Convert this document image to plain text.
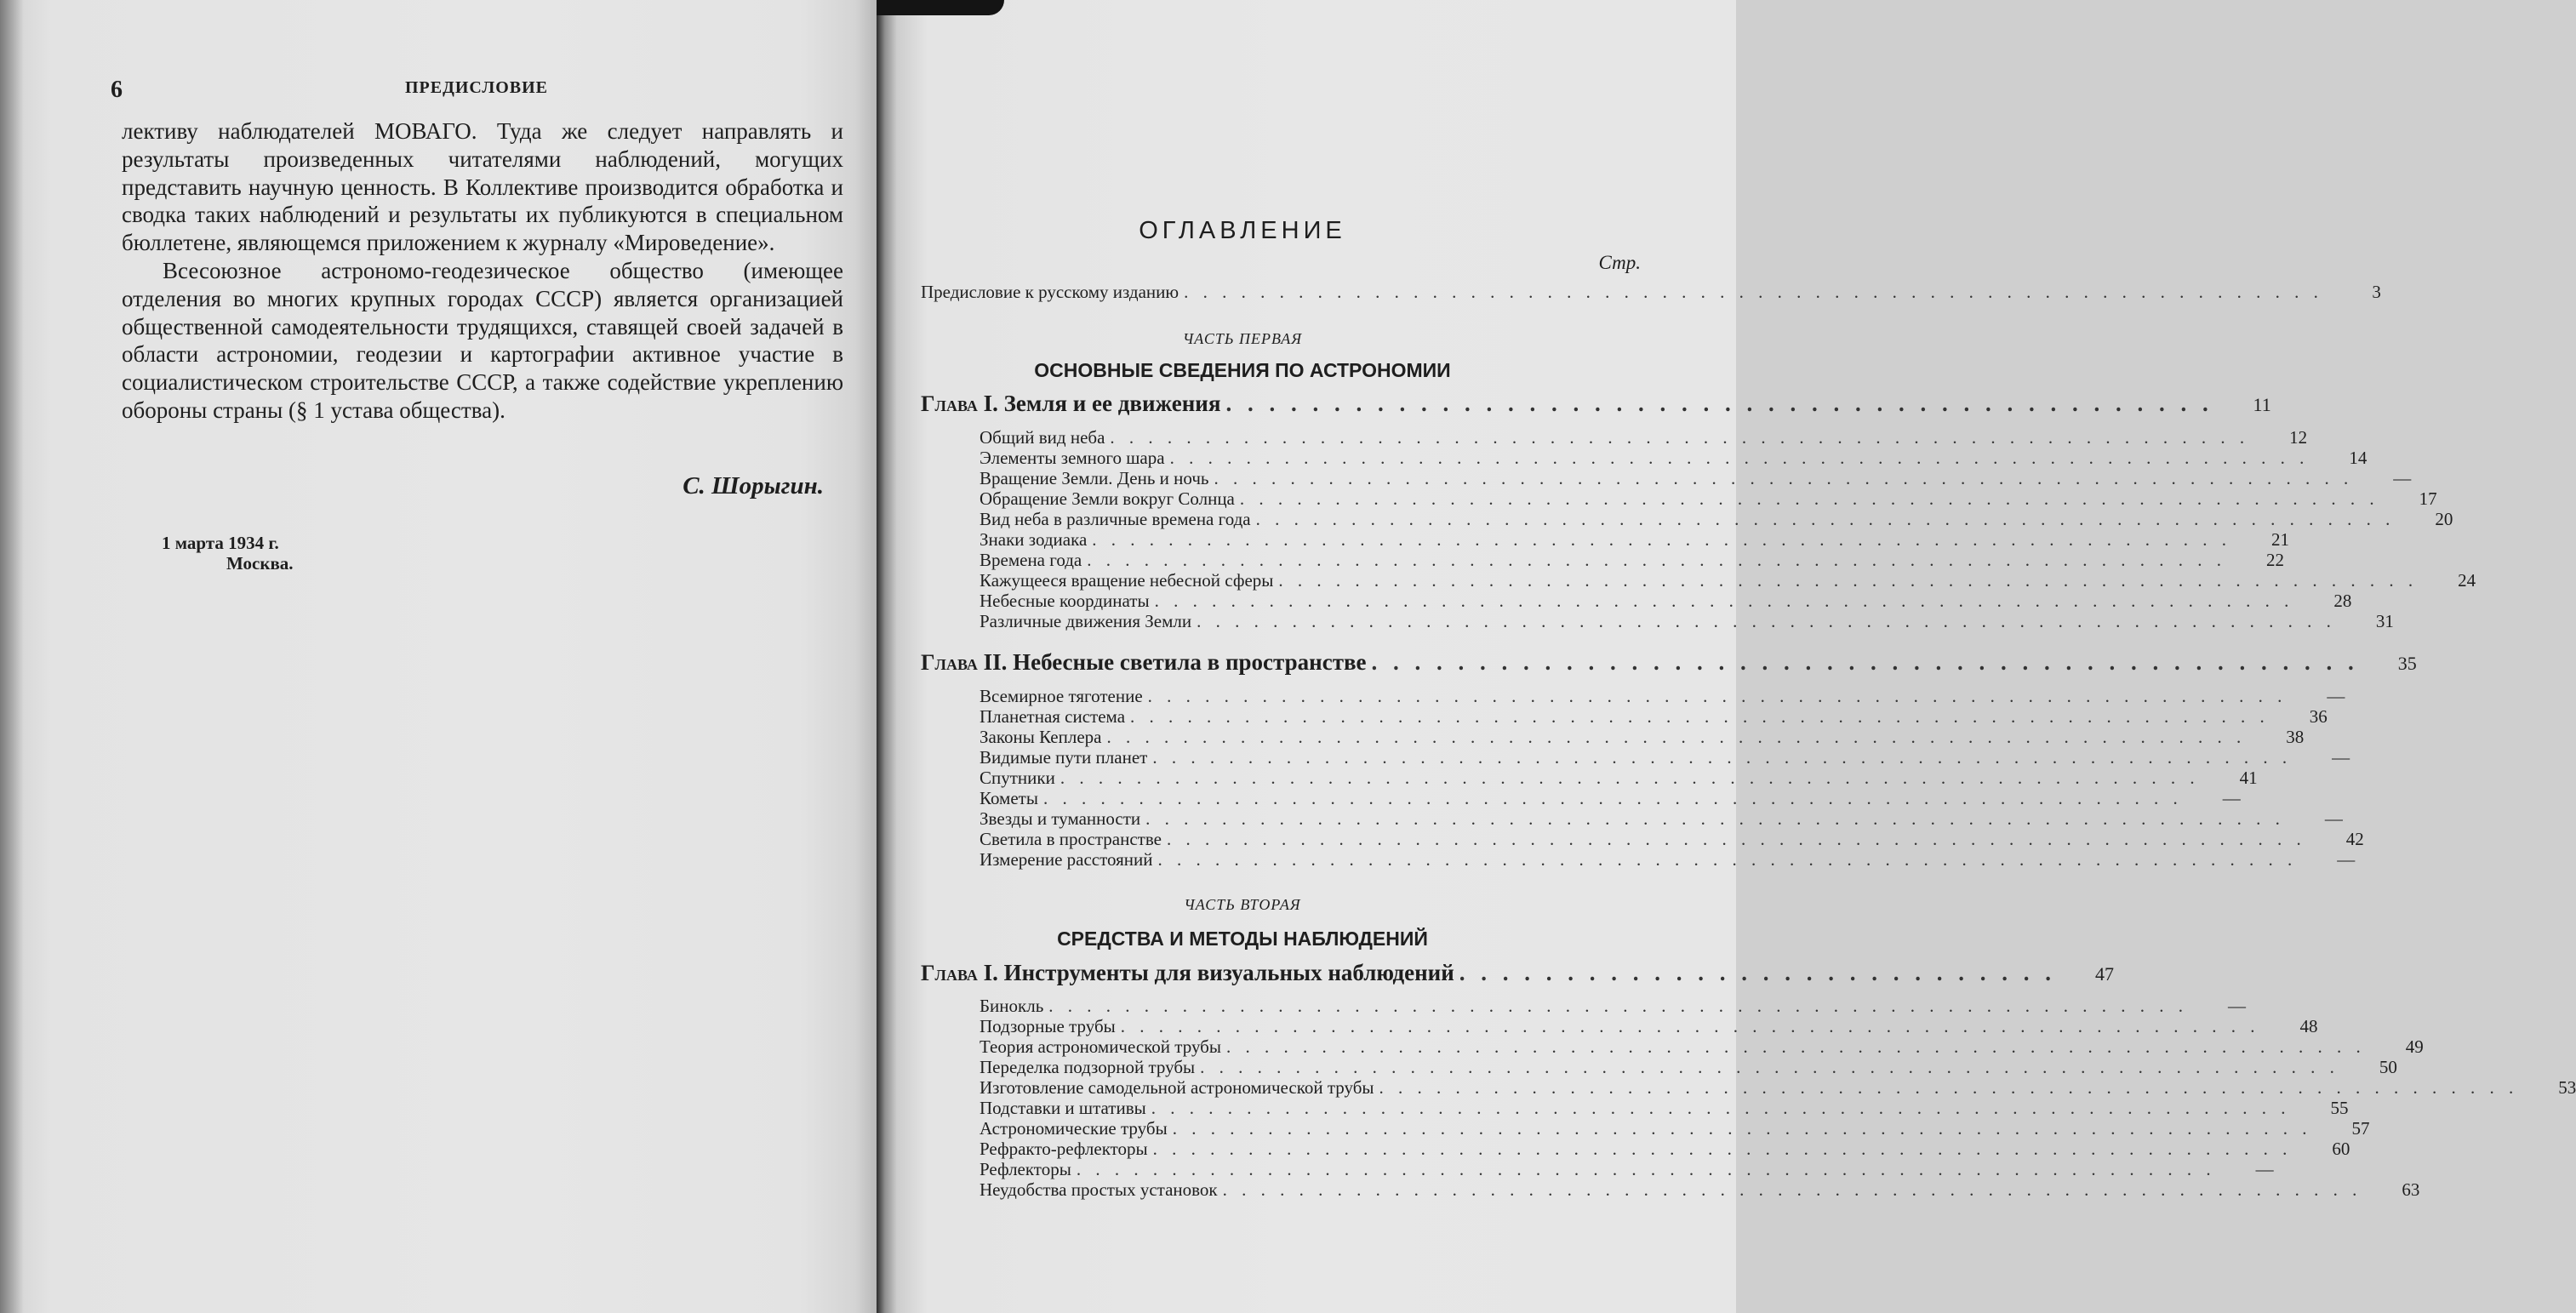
6	ПРЕДИСЛОВИЕ

лективу наблюдателей МОВАГО. Туда же следует направлять и результаты произведенных читателями наблюдений, могущих представить научную ценность. В Коллективе производится обработка и сводка таких наблюдений и результаты их публикуются в специальном бюллетене, являющемся приложением к журналу «Мироведение».

Всесоюзное астрономо-геодезическое общество (имеющее отделения во многих крупных городах СССР) является организацией общественной самодеятельности трудящихся, ставящей своей задачей в области астрономии, геодезии и картографии активное участие в социалистическом строительстве СССР, а также содействие укреплению обороны страны (§ 1 устава общества).

С. Шорыгин.
1 марта 1934 г.
Москва.
ОГЛАВЛЕНИЕ
Стр.
Предисловие к русскому изданию . . . . . . . . . . . . . . . . . . . . . . . . . . . . . . . . . . . . . . . . . . . . . . . . . . . . . . . . . . . .	3
ЧАСТЬ ПЕРВАЯ
ОСНОВНЫЕ СВЕДЕНИЯ ПО АСТРОНОМИИ
Глава I. Земля и ее движения . . . . . . . . . . . . . . . . . . . . . . . . . . . . . . . . . . . . . . . . . . . . . .	11
Общий вид неба . . . . . . . . . . . . . . . . . . . . . . . . . . . . . . . . . . . . . . . . . . . . . . . . . . . . . . . . . . . .	12
Элементы земного шара . . . . . . . . . . . . . . . . . . . . . . . . . . . . . . . . . . . . . . . . . . . . . . . . . . . . . . . . . . . .	14
Вращение Земли. День и ночь . . . . . . . . . . . . . . . . . . . . . . . . . . . . . . . . . . . . . . . . . . . . . . . . . . . . . . . . . . . .	—
Обращение Земли вокруг Солнца . . . . . . . . . . . . . . . . . . . . . . . . . . . . . . . . . . . . . . . . . . . . . . . . . . . . . . . . . . . .	17
Вид неба в различные времена года . . . . . . . . . . . . . . . . . . . . . . . . . . . . . . . . . . . . . . . . . . . . . . . . . . . . . . . . . . . .	20
Знаки зодиака . . . . . . . . . . . . . . . . . . . . . . . . . . . . . . . . . . . . . . . . . . . . . . . . . . . . . . . . . . . .	21
Времена года . . . . . . . . . . . . . . . . . . . . . . . . . . . . . . . . . . . . . . . . . . . . . . . . . . . . . . . . . . . .	22
Кажущееся вращение небесной сферы . . . . . . . . . . . . . . . . . . . . . . . . . . . . . . . . . . . . . . . . . . . . . . . . . . . . . . . . . . . .	24
Небесные координаты . . . . . . . . . . . . . . . . . . . . . . . . . . . . . . . . . . . . . . . . . . . . . . . . . . . . . . . . . . . .	28
Различные движения Земли . . . . . . . . . . . . . . . . . . . . . . . . . . . . . . . . . . . . . . . . . . . . . . . . . . . . . . . . . . . .	31
Глава II. Небесные светила в пространстве . . . . . . . . . . . . . . . . . . . . . . . . . . . . . . . . . . . . . . . . . . . . . .	35
Всемирное тяготение . . . . . . . . . . . . . . . . . . . . . . . . . . . . . . . . . . . . . . . . . . . . . . . . . . . . . . . . . . . .	—
Планетная система . . . . . . . . . . . . . . . . . . . . . . . . . . . . . . . . . . . . . . . . . . . . . . . . . . . . . . . . . . . .	36
Законы Кеплера . . . . . . . . . . . . . . . . . . . . . . . . . . . . . . . . . . . . . . . . . . . . . . . . . . . . . . . . . . . .	38
Видимые пути планет . . . . . . . . . . . . . . . . . . . . . . . . . . . . . . . . . . . . . . . . . . . . . . . . . . . . . . . . . . . .	—
Спутники . . . . . . . . . . . . . . . . . . . . . . . . . . . . . . . . . . . . . . . . . . . . . . . . . . . . . . . . . . . .	41
Кометы . . . . . . . . . . . . . . . . . . . . . . . . . . . . . . . . . . . . . . . . . . . . . . . . . . . . . . . . . . . .	—
Звезды и туманности . . . . . . . . . . . . . . . . . . . . . . . . . . . . . . . . . . . . . . . . . . . . . . . . . . . . . . . . . . . .	—
Светила в пространстве . . . . . . . . . . . . . . . . . . . . . . . . . . . . . . . . . . . . . . . . . . . . . . . . . . . . . . . . . . . .	42
Измерение расстояний . . . . . . . . . . . . . . . . . . . . . . . . . . . . . . . . . . . . . . . . . . . . . . . . . . . . . . . . . . . .	—
ЧАСТЬ ВТОРАЯ
СРЕДСТВА И МЕТОДЫ НАБЛЮДЕНИЙ
Глава I. Инструменты для визуальных наблюдений . . . . . . . . . . . . . . . . . . . . . . . . . . . .	47
Бинокль . . . . . . . . . . . . . . . . . . . . . . . . . . . . . . . . . . . . . . . . . . . . . . . . . . . . . . . . . . . .	—
Подзорные трубы . . . . . . . . . . . . . . . . . . . . . . . . . . . . . . . . . . . . . . . . . . . . . . . . . . . . . . . . . . . .	48
Теория астрономической трубы . . . . . . . . . . . . . . . . . . . . . . . . . . . . . . . . . . . . . . . . . . . . . . . . . . . . . . . . . . . .	49
Переделка подзорной трубы . . . . . . . . . . . . . . . . . . . . . . . . . . . . . . . . . . . . . . . . . . . . . . . . . . . . . . . . . . . .	50
Изготовление самодельной астрономической трубы . . . . . . . . . . . . . . . . . . . . . . . . . . . . . . . . . . . . . . . . . . . . . . . . . . . . . . . . . . . .	53
Подставки и штативы . . . . . . . . . . . . . . . . . . . . . . . . . . . . . . . . . . . . . . . . . . . . . . . . . . . . . . . . . . . .	55
Астрономические трубы . . . . . . . . . . . . . . . . . . . . . . . . . . . . . . . . . . . . . . . . . . . . . . . . . . . . . . . . . . . .	57
Рефракто-рефлекторы . . . . . . . . . . . . . . . . . . . . . . . . . . . . . . . . . . . . . . . . . . . . . . . . . . . . . . . . . . . .	60
Рефлекторы . . . . . . . . . . . . . . . . . . . . . . . . . . . . . . . . . . . . . . . . . . . . . . . . . . . . . . . . . . . .	—
Неудобства простых установок . . . . . . . . . . . . . . . . . . . . . . . . . . . . . . . . . . . . . . . . . . . . . . . . . . . . . . . . . . . .	63
